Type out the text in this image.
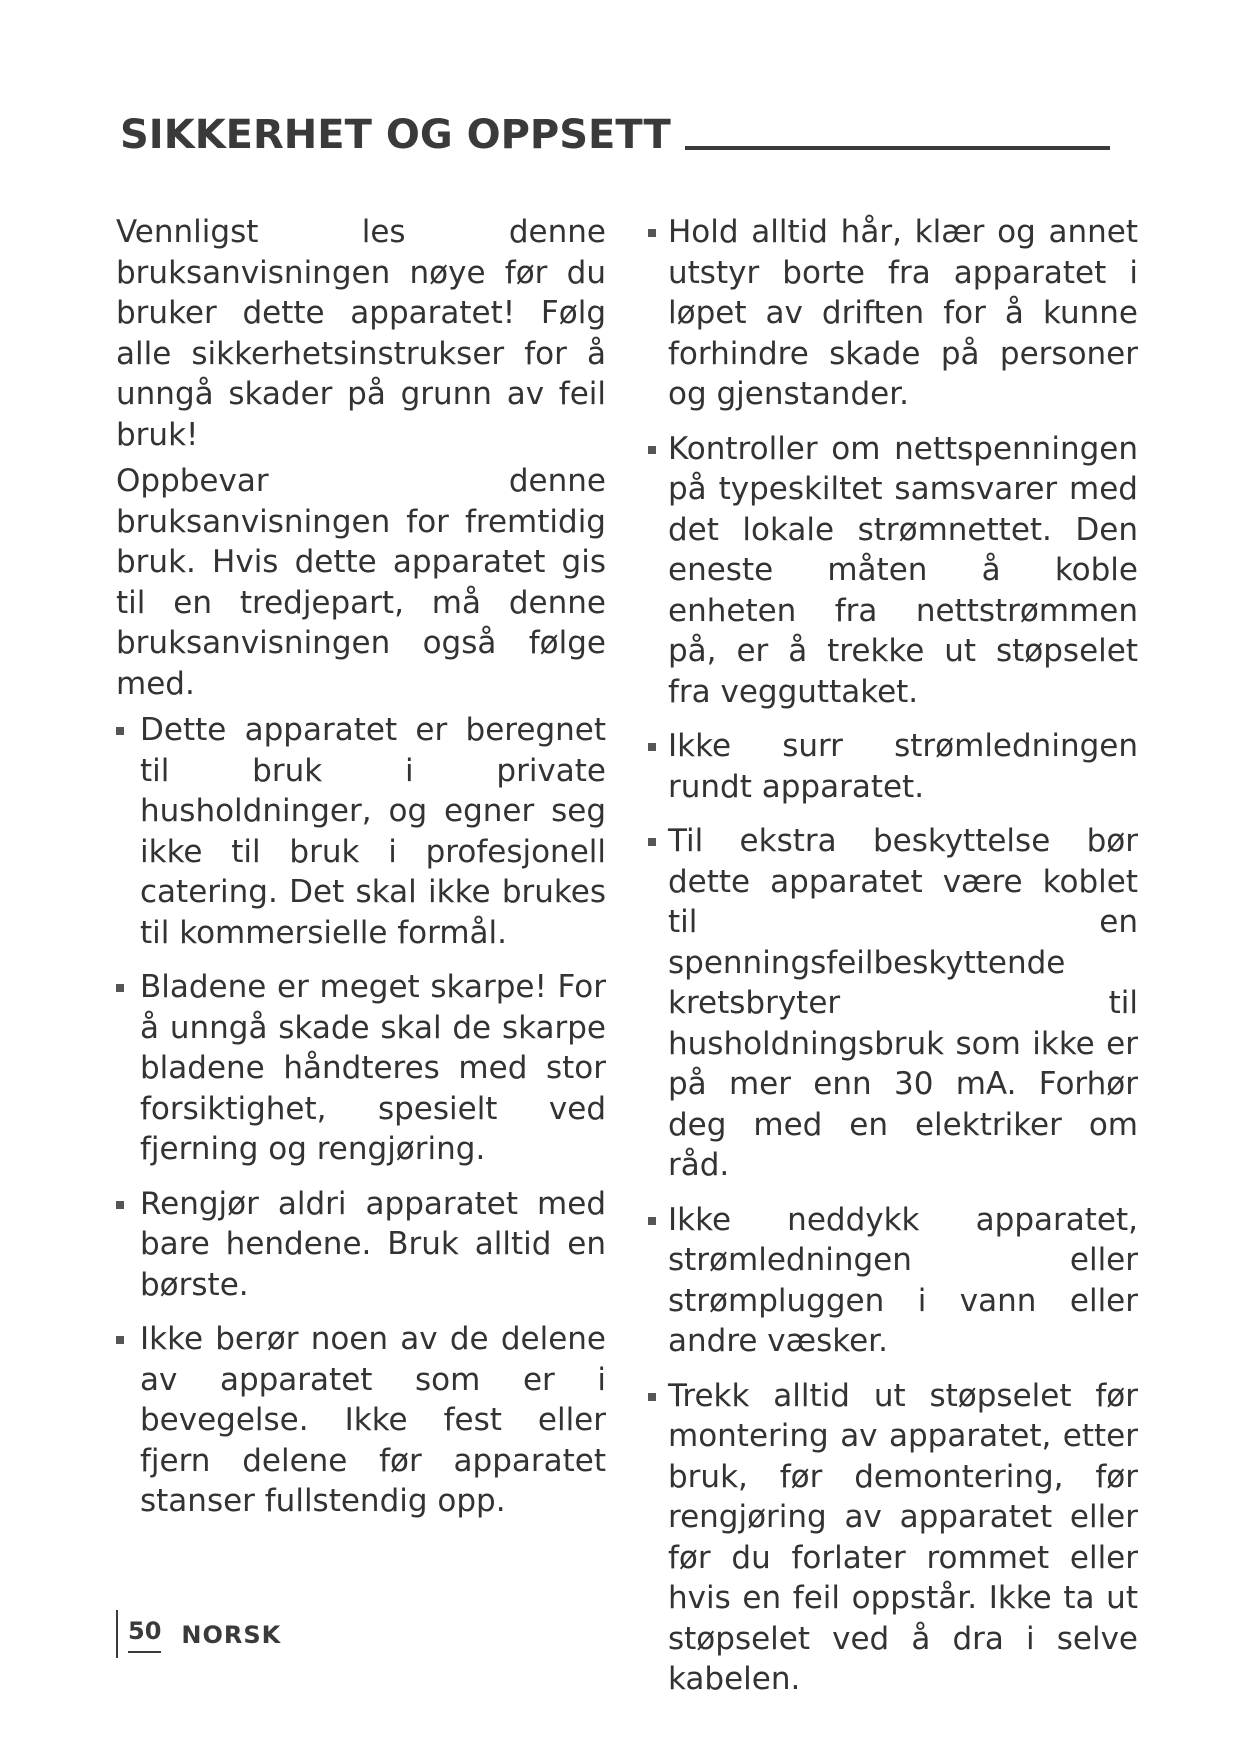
SIKKERHET OG OPPSETT

Vennligst les denne bruksanvisningen nøye før du bruker dette apparatet! Følg alle sikkerhetsinstrukser for å unngå skader på grunn av feil bruk!

Oppbevar denne bruksanvisningen for fremtidig bruk. Hvis dette apparatet gis til en tredjepart, må denne bruksanvisningen også følge med.

Dette apparatet er beregnet til bruk i private husholdninger, og egner seg ikke til bruk i profesjonell catering. Det skal ikke brukes til kommersielle formål.
Bladene er meget skarpe! For å unngå skade skal de skarpe bladene håndteres med stor forsiktighet, spesielt ved fjerning og rengjøring.
Rengjør aldri apparatet med bare hendene. Bruk alltid en børste.
Ikke berør noen av de delene av apparatet som er i bevegelse. Ikke fest eller fjern delene før apparatet stanser fullstendig opp.
Hold alltid hår, klær og annet utstyr borte fra apparatet i løpet av driften for å kunne forhindre skade på personer og gjenstander.
Kontroller om nettspenningen på typeskiltet samsvarer med det lokale strømnettet. Den eneste måten å koble enheten fra nettstrømmen på, er å trekke ut støpselet fra vegguttaket.
Ikke surr strømledningen rundt apparatet.
Til ekstra beskyttelse bør dette apparatet være koblet til en spenningsfeilbeskyttende kretsbryter til husholdningsbruk som ikke er på mer enn 30 mA. Forhør deg med en elektriker om råd.
Ikke neddykk apparatet, strømledningen eller strømpluggen i vann eller andre væsker.
Trekk alltid ut støpselet før montering av apparatet, etter bruk, før demontering, før rengjøring av apparatet eller før du forlater rommet eller hvis en feil oppstår. Ikke ta ut støpselet ved å dra i selve kabelen.
50 NORSK
